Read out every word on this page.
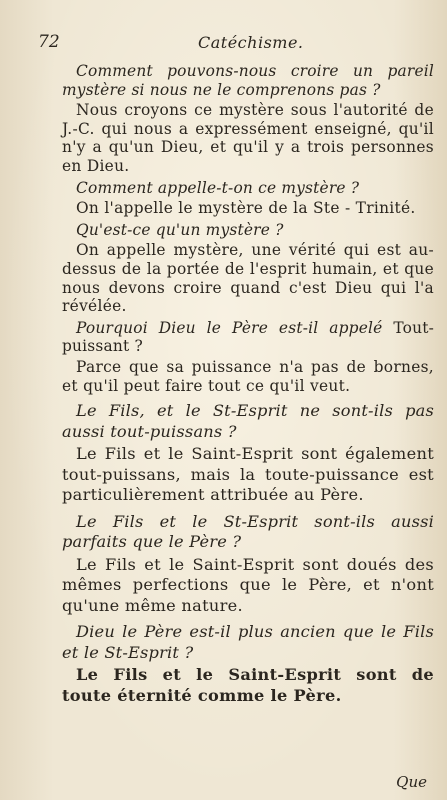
72	Catéchisme.

Comment pouvons-nous croire un pareil mystère si nous ne le comprenons pas ?

Nous croyons ce mystère sous l'autorité de J.-C. qui nous a expressément enseigné, qu'il n'y a qu'un Dieu, et qu'il y a trois personnes en Dieu.

Comment appelle-t-on ce mystère ?

On l'appelle le mystère de la Ste - Trinité.

Qu'est-ce qu'un mystère ?

On appelle mystère, une vérité qui est au-dessus de la portée de l'esprit humain, et que nous devons croire quand c'est Dieu qui l'a révélée.

Pourquoi Dieu le Père est-il appelé Tout-puissant ?

Parce que sa puissance n'a pas de bornes, et qu'il peut faire tout ce qu'il veut.

Le Fils, et le St-Esprit ne sont-ils pas aussi tout-puissans ?

Le Fils et le Saint-Esprit sont également tout-puissans, mais la toute-puissance est particulièrement attribuée au Père.

Le Fils et le St-Esprit sont-ils aussi parfaits que le Père ?

Le Fils et le Saint-Esprit sont doués des mêmes perfections que le Père, et n'ont qu'une même nature.

Dieu le Père est-il plus ancien que le Fils et le St-Esprit ?

Le Fils et le Saint-Esprit sont de toute éternité comme le Père.

Que
